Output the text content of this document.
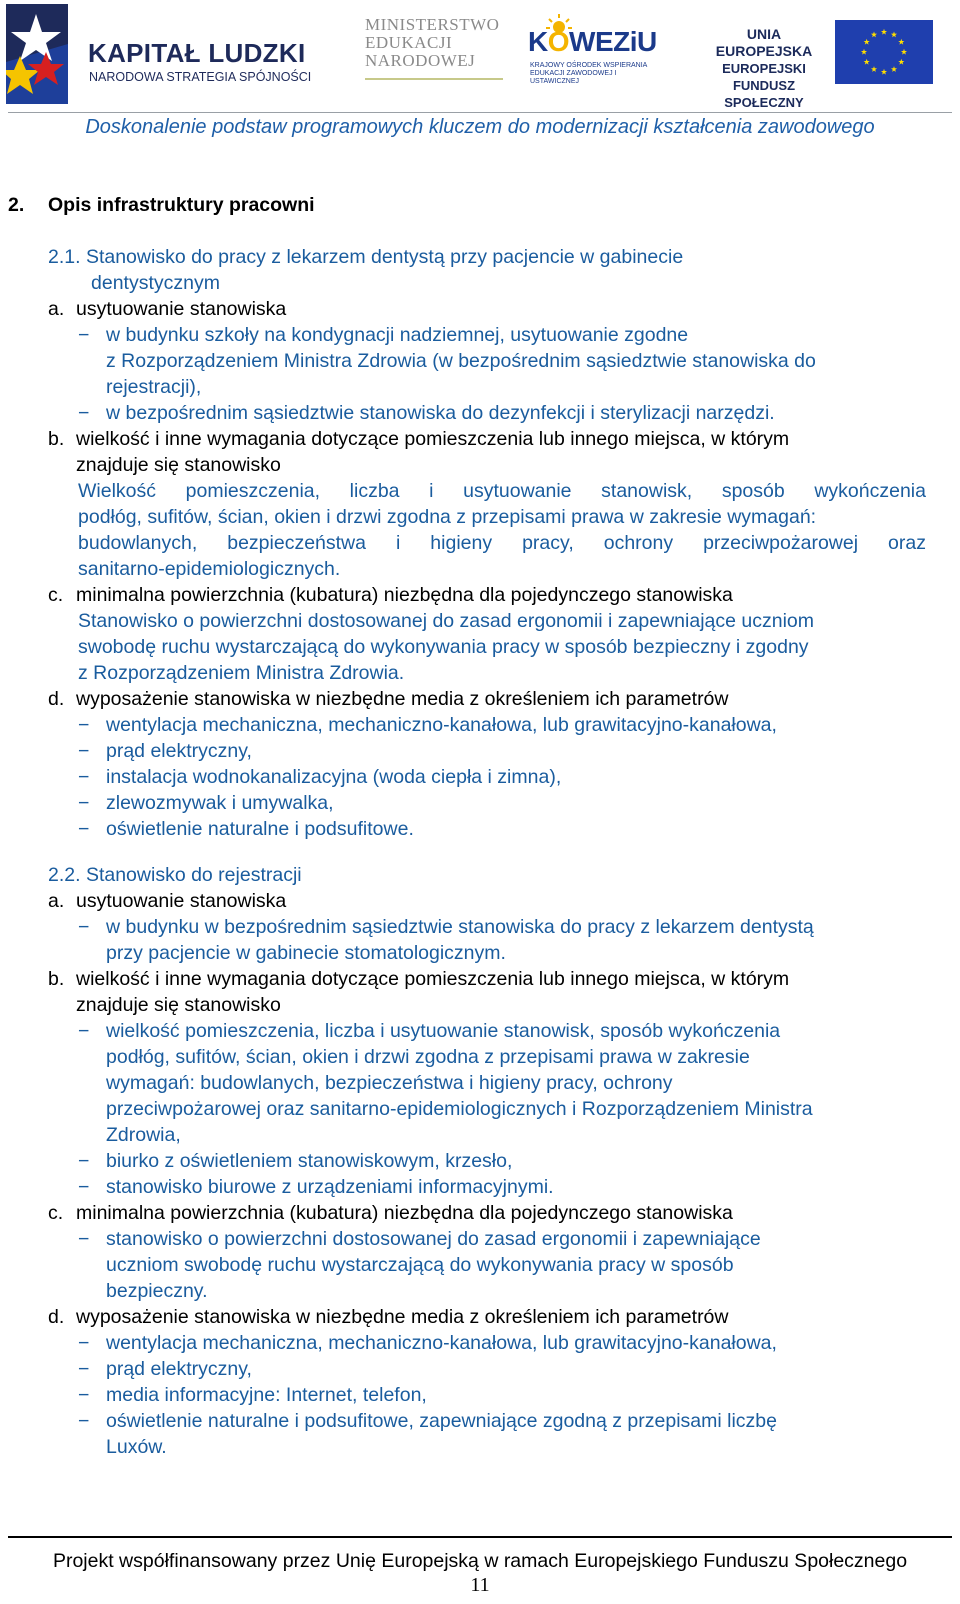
KAPITAŁ LUDZKI
NARODOWA STRATEGIA SPÓJNOŚCI
MINISTERSTWO
EDUKACJI
NARODOWEJ
KOWEZiU
KRAJOWY OŚRODEK WSPIERANIA EDUKACJI ZAWODOWEJ I USTAWICZNEJ
UNIA EUROPEJSKA
EUROPEJSKI
FUNDUSZ SPOŁECZNY
Doskonalenie podstaw programowych kluczem do modernizacji kształcenia zawodowego
2. Opis infrastruktury pracowni
2.1. Stanowisko do pracy z lekarzem dentystą przy pacjencie w gabinecie
dentystycznym
a. usytuowanie stanowiska
− w budynku szkoły na kondygnacji nadziemnej, usytuowanie zgodne
z Rozporządzeniem Ministra Zdrowia (w bezpośrednim sąsiedztwie stanowiska do
rejestracji),
− w bezpośrednim sąsiedztwie stanowiska do dezynfekcji i sterylizacji narzędzi.
b. wielkość i inne wymagania dotyczące pomieszczenia lub innego miejsca, w którym
znajduje się stanowisko
Wielkość pomieszczenia, liczba i usytuowanie stanowisk, sposób wykończenia
podłóg, sufitów, ścian, okien i drzwi zgodna z przepisami prawa w zakresie wymagań:
budowlanych, bezpieczeństwa i higieny pracy, ochrony przeciwpożarowej oraz
sanitarno-epidemiologicznych.
c. minimalna powierzchnia (kubatura) niezbędna dla pojedynczego stanowiska
Stanowisko o powierzchni dostosowanej do zasad ergonomii i zapewniające uczniom
swobodę ruchu wystarczającą do wykonywania pracy w sposób bezpieczny i zgodny
z Rozporządzeniem Ministra Zdrowia.
d. wyposażenie stanowiska w niezbędne media z określeniem ich parametrów
− wentylacja mechaniczna, mechaniczno-kanałowa, lub grawitacyjno-kanałowa,
− prąd elektryczny,
− instalacja wodnokanalizacyjna (woda ciepła i zimna),
− zlewozmywak i umywalka,
− oświetlenie naturalne i podsufitowe.
2.2. Stanowisko do rejestracji
a. usytuowanie stanowiska
− w budynku w bezpośrednim sąsiedztwie stanowiska do pracy z lekarzem dentystą
przy pacjencie w gabinecie stomatologicznym.
b. wielkość i inne wymagania dotyczące pomieszczenia lub innego miejsca, w którym
znajduje się stanowisko
− wielkość pomieszczenia, liczba i usytuowanie stanowisk, sposób wykończenia
podłóg, sufitów, ścian, okien i drzwi zgodna z przepisami prawa w zakresie
wymagań: budowlanych, bezpieczeństwa i higieny pracy, ochrony
przeciwpożarowej oraz sanitarno-epidemiologicznych i Rozporządzeniem Ministra
Zdrowia,
− biurko z oświetleniem stanowiskowym, krzesło,
− stanowisko biurowe z urządzeniami informacyjnymi.
c. minimalna powierzchnia (kubatura) niezbędna dla pojedynczego stanowiska
− stanowisko o powierzchni dostosowanej do zasad ergonomii i zapewniające
uczniom swobodę ruchu wystarczającą do wykonywania pracy w sposób
bezpieczny.
d. wyposażenie stanowiska w niezbędne media z określeniem ich parametrów
− wentylacja mechaniczna, mechaniczno-kanałowa, lub grawitacyjno-kanałowa,
− prąd elektryczny,
− media informacyjne: Internet, telefon,
− oświetlenie naturalne i podsufitowe, zapewniające zgodną z przepisami liczbę
Luxów.
Projekt współfinansowany przez Unię Europejską w ramach Europejskiego Funduszu Społecznego
11
